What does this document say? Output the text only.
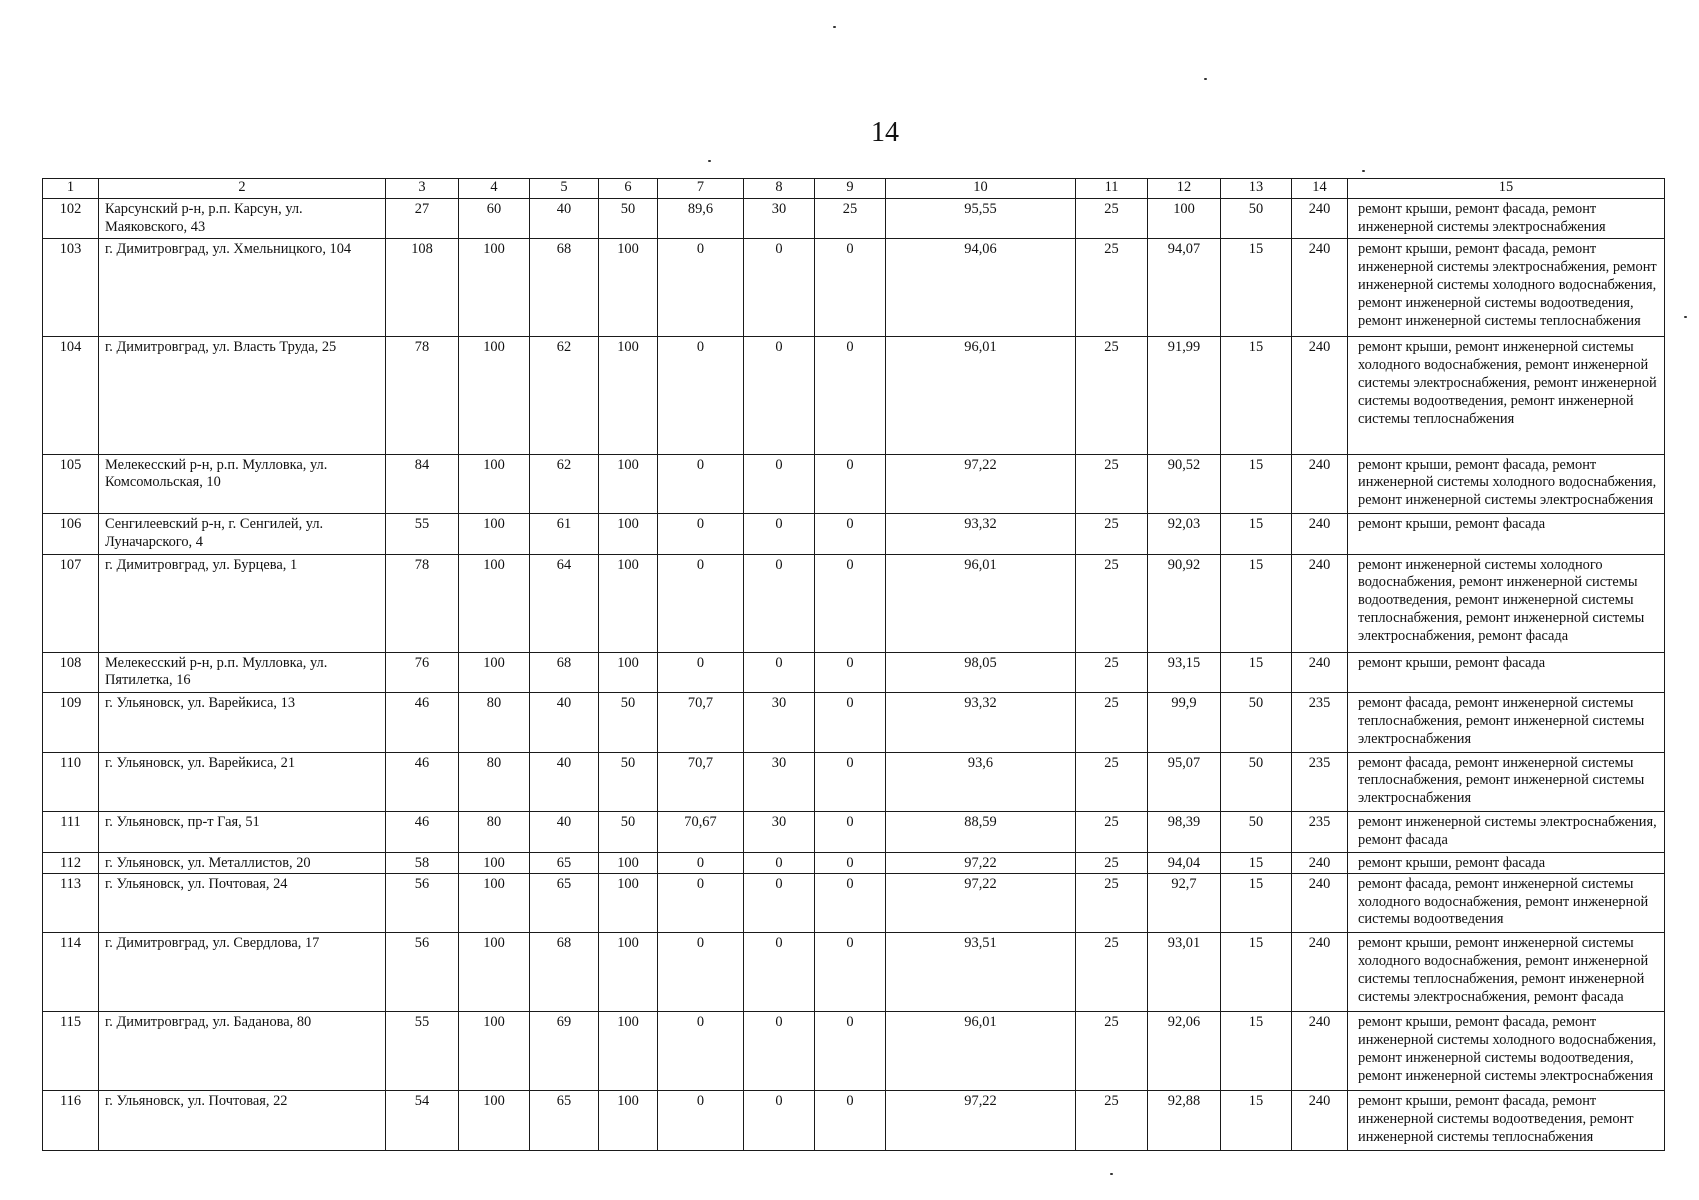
14
1	2	3	4	5	6	7	8	9	10	11	12	13	14	15
102	Карсунский р-н, р.п. Карсун, ул. Маяковского, 43	27	60	40	50	89,6	30	25	95,55	25	100	50	240	ремонт крыши, ремонт фасада, ремонт инженерной системы электроснабжения
103	г. Димитровград, ул. Хмельницкого, 104	108	100	68	100	0	0	0	94,06	25	94,07	15	240	ремонт крыши, ремонт фасада, ремонт инженерной системы электроснабжения, ремонт инженерной системы холодного водоснабжения, ремонт инженерной системы водоотведения, ремонт инженерной системы теплоснабжения
104	г. Димитровград, ул. Власть Труда, 25	78	100	62	100	0	0	0	96,01	25	91,99	15	240	ремонт крыши, ремонт инженерной системы холодного водоснабжения, ремонт инженерной системы электроснабжения, ремонт инженерной системы водоотведения, ремонт инженерной системы теплоснабжения
105	Мелекесский р-н, р.п. Мулловка, ул. Комсомольская, 10	84	100	62	100	0	0	0	97,22	25	90,52	15	240	ремонт крыши, ремонт фасада, ремонт инженерной системы холодного водоснабжения, ремонт инженерной системы электроснабжения
106	Сенгилеевский р-н, г. Сенгилей, ул. Луначарского, 4	55	100	61	100	0	0	0	93,32	25	92,03	15	240	ремонт крыши, ремонт фасада
107	г. Димитровград, ул. Бурцева, 1	78	100	64	100	0	0	0	96,01	25	90,92	15	240	ремонт инженерной системы холодного водоснабжения, ремонт инженерной системы водоотведения, ремонт инженерной системы теплоснабжения, ремонт инженерной системы электроснабжения, ремонт фасада
108	Мелекесский р-н, р.п. Мулловка, ул. Пятилетка, 16	76	100	68	100	0	0	0	98,05	25	93,15	15	240	ремонт крыши, ремонт фасада
109	г. Ульяновск, ул. Варейкиса, 13	46	80	40	50	70,7	30	0	93,32	25	99,9	50	235	ремонт фасада, ремонт инженерной системы теплоснабжения, ремонт инженерной системы электроснабжения
110	г. Ульяновск, ул. Варейкиса, 21	46	80	40	50	70,7	30	0	93,6	25	95,07	50	235	ремонт фасада, ремонт инженерной системы теплоснабжения, ремонт инженерной системы электроснабжения
111	г. Ульяновск, пр-т Гая, 51	46	80	40	50	70,67	30	0	88,59	25	98,39	50	235	ремонт инженерной системы электроснабжения, ремонт фасада
112	г. Ульяновск, ул. Металлистов, 20	58	100	65	100	0	0	0	97,22	25	94,04	15	240	ремонт крыши, ремонт фасада
113	г. Ульяновск, ул. Почтовая, 24	56	100	65	100	0	0	0	97,22	25	92,7	15	240	ремонт фасада, ремонт инженерной системы холодного водоснабжения, ремонт инженерной системы водоотведения
114	г. Димитровград, ул. Свердлова, 17	56	100	68	100	0	0	0	93,51	25	93,01	15	240	ремонт крыши, ремонт инженерной системы холодного водоснабжения, ремонт инженерной системы теплоснабжения, ремонт инженерной системы электроснабжения, ремонт фасада
115	г. Димитровград, ул. Баданова, 80	55	100	69	100	0	0	0	96,01	25	92,06	15	240	ремонт крыши, ремонт фасада, ремонт инженерной системы холодного водоснабжения, ремонт инженерной системы водоотведения, ремонт инженерной системы электроснабжения
116	г. Ульяновск, ул. Почтовая, 22	54	100	65	100	0	0	0	97,22	25	92,88	15	240	ремонт крыши, ремонт фасада, ремонт инженерной системы водоотведения, ремонт инженерной системы теплоснабжения
